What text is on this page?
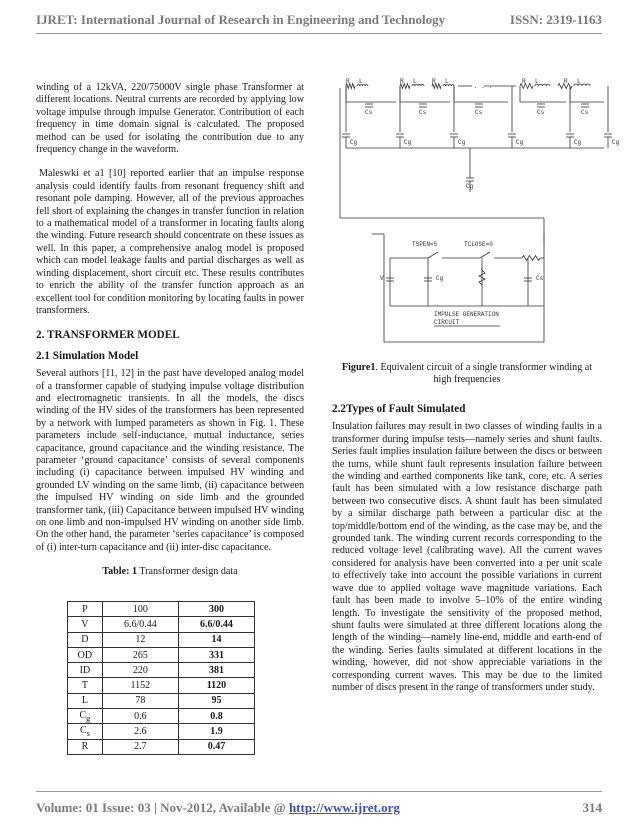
IJRET: International Journal of Research in Engineering and Technology	ISSN: 2319-1163

winding of a 12kVA, 220/75000V single phase Transformer at different locations. Neutral currents are recorded by applying low voltage impulse through impulse Generator. Contribution of each frequency in time domain signal is calculated. The proposed method can be used for isolating the contribution due to any frequency change in the waveform.

Maleswki et a1 [10] reported earlier that an impulse response analysis could identify faults from resonant frequency shift and resonant pole damping. However, all of the previous approaches fell short of explaining the changes in transfer function in relation to a mathematical model of a transformer in locating faults along the winding. Future research should concentrate on these issues as well. In this paper, a comprehensive analog model is proposed which can model leakage faults and partial discharges as well as winding displacement, short circuit etc. These results contributes to enrich the ability of the transfer function approach as an excellent tool for condition monitoring by locating faults in power transformers.

2. TRANSFORMER MODEL

2.1 Simulation Model

Several authors [11, 12] in the past have developed analog model of a transformer capable of studying impulse voltage distribution and electromagnetic transients. In all the models, the discs winding of the HV sides of the transformers has been represented by a network with lumped parameters as shown in Fig. 1. These parameters include self-inductance, mutual inductance, series capacitance, ground capacitance and the winding resistance. The parameter ‘ground capacitance’ consists of several components including (i) capacitance between impulsed HV winding and grounded LV winding on the same limb, (ii) capacitance between the impulsed HV winding on side limb and the grounded transformer tank, (iii) Capacitance between impulsed HV winding on one limb and non-impulsed HV winding on another side limb. On the other hand, the parameter ‘series capacitance’ is composed of (i) inter-turn capacitance and (ii) inter-disc capacitance.

Table: 1 Transformer design data

P	100	300
V	6.6/0.44	6.6/0.44
D	12	14
OD	265	331
ID	220	381
T	1152	1120
L	78	95
$C_g$	0.6	0.8
$C_s$	2.6	1.9
R	2.7	0.47
R L	R L	R L	R L	R L
. . .
Cs	Cs	Cs	Cs	Cs
Cg	Cg	Cg	Cg	Cg	Cg
Cg
TSPEN=5	TCLOSE=0
V	Cg	Cs
IMPULSE GENERATION
CIRCUIT
Figure1. Equivalent circuit of a single transformer winding at high frequencies

2.2Types of Fault Simulated

Insulation failures may result in two classes of winding faults in a transformer during impulse tests—namely series and shunt faults. Series fault implies insulation failure between the discs or between the turns, while shunt fault represents insulation failure between the winding and earthed components like tank, core, etc. A series fault has been simulated with a low resistance discharge path between two consecutive discs. A shunt fault has been simulated by a similar discharge path between a particular disc at the top/middle/bottom end of the winding, as the case may be, and the grounded tank. The winding current records corresponding to the reduced voltage level (calibrating wave). All the current waves considered for analysis have been converted into a per unit scale to effectively take into account the possible variations in current wave due to applied voltage wave magnitude variations. Each fault has been made to involve 5–10% of the entire winding length. To investigate the sensitivity of the proposed method, shunt faults were simulated at three different locations along the length of the winding—namely line-end, middle and earth-end of the winding. Series faults simulated at different locations in the winding, however, did not show appreciable variations in the corresponding current waves. This may be due to the limited number of discs present in the range of transformers under study.

Volume: 01 Issue: 03 | Nov-2012, Available @ http://www.ijret.org	314
